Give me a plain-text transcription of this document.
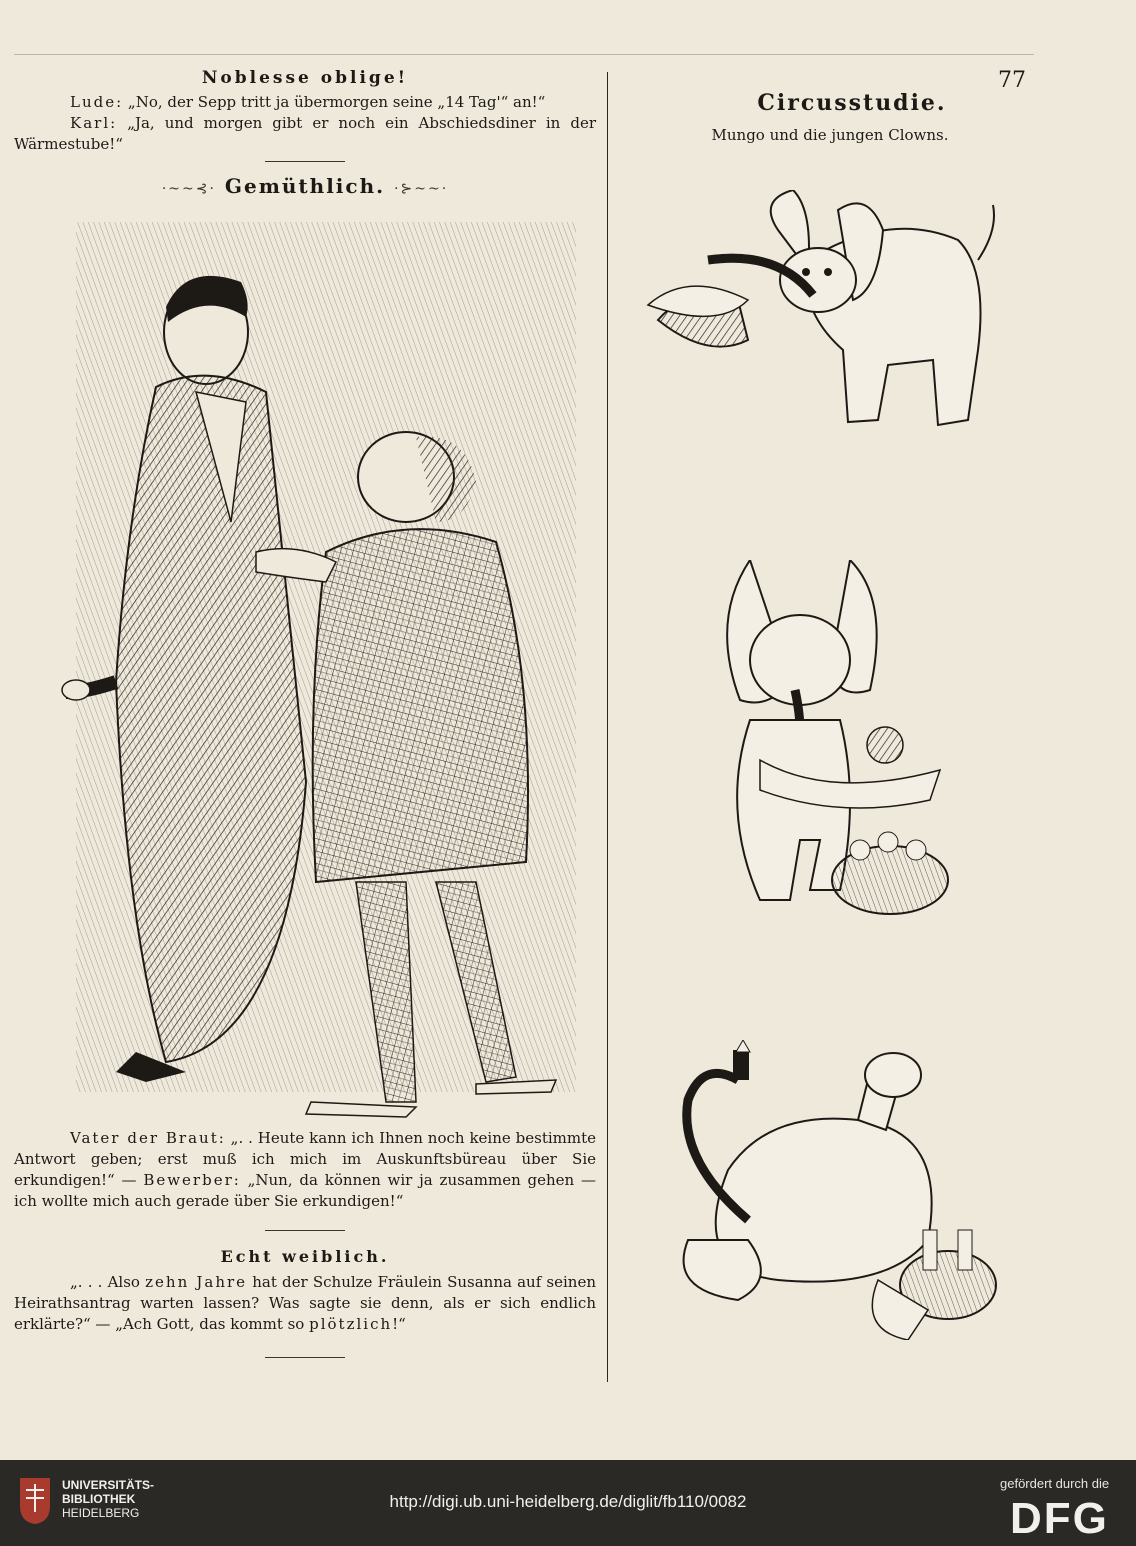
Noblesse oblige!

Lude: „No, der Sepp tritt ja übermorgen seine „14 Tag'“ an!“

Karl: „Ja, und morgen gibt er noch ein Abschiedsdiner in der Wärmestube!“

·~~⊰· Gemüthlich. ·⊱~~·

Vater der Braut: „. . Heute kann ich Ihnen noch keine bestimmte Antwort geben; erst muß ich mich im Auskunftsbüreau über Sie erkundigen!“ — Bewerber: „Nun, da können wir ja zusammen gehen — ich wollte mich auch gerade über Sie erkundigen!“

Echt weiblich.

„. . . Also zehn Jahre hat der Schulze Fräulein Susanna auf seinen Heirathsantrag warten lassen? Was sagte sie denn, als er sich endlich erklärte?“ — „Ach Gott, das kommt so plötzlich!“

77
Circusstudie.
Mungo und die jungen Clowns.
UNIVERSITÄTS-
BIBLIOTHEK
HEIDELBERG
http://digi.ub.uni-heidelberg.de/diglit/fb110/0082
gefördert durch die
DFG
